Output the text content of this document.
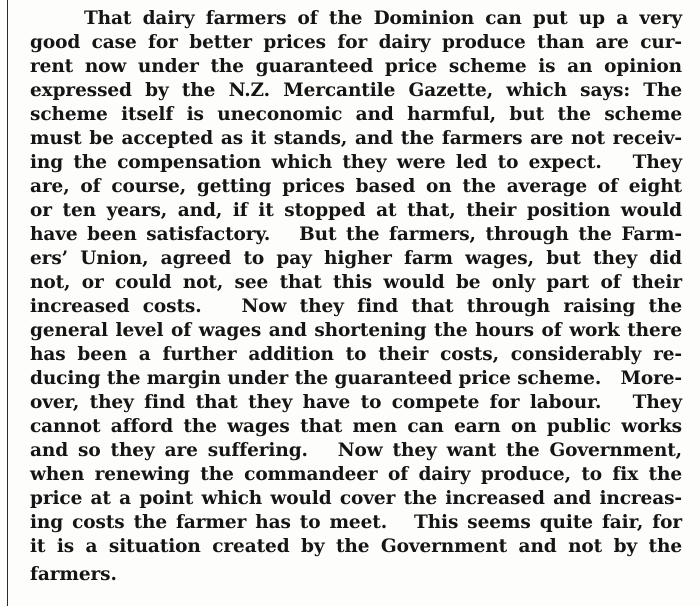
That dairy farmers of the Dominion can put up a very
good case for better prices for dairy produce than are cur-
rent now under the guaranteed price scheme is an opinion
expressed by the N.Z. Mercantile Gazette, which says: The
scheme itself is uneconomic and harmful, but the scheme
must be accepted as it stands, and the farmers are not receiv-
ing the compensation which they were led to expect.   They
are, of course, getting prices based on the average of eight
or ten years, and, if it stopped at that, their position would
have been satisfactory.   But the farmers, through the Farm-
ers’ Union, agreed to pay higher farm wages, but they did
not, or could not, see that this would be only part of their
increased costs.   Now they find that through raising the
general level of wages and shortening the hours of work there
has been a further addition to their costs, considerably re-
ducing the margin under the guaranteed price scheme.   More-
over, they find that they have to compete for labour.   They
cannot afford the wages that men can earn on public works
and so they are suffering.   Now they want the Government,
when renewing the commandeer of dairy produce, to fix the
price at a point which would cover the increased and increas-
ing costs the farmer has to meet.   This seems quite fair, for
it is a situation created by the Government and not by the
farmers.
